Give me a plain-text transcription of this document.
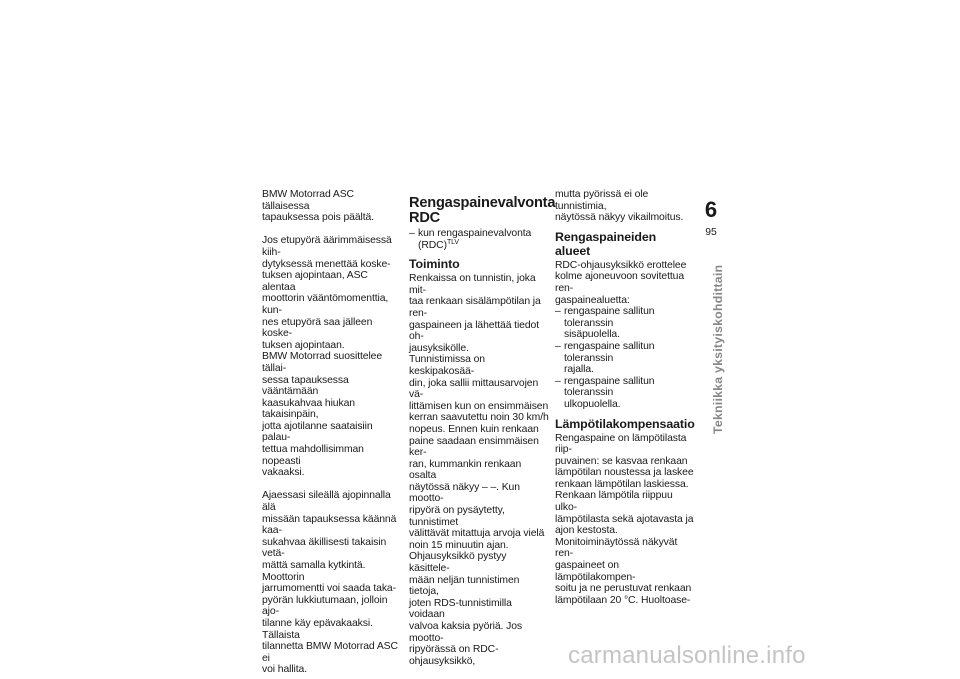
BMW Motorrad ASC tällaisessa

tapauksessa pois päältä.

Jos etupyörä äärimmäisessä kiih-

dytyksessä menettää koske-

tuksen ajopintaan, ASC alentaa

moottorin vääntömomenttia, kun-

nes etupyörä saa jälleen koske-

tuksen ajopintaan.

BMW Motorrad suosittelee tällai-

sessa tapauksessa vääntämään

kaasukahvaa hiukan takaisinpäin,

jotta ajotilanne saataisiin palau-

tettua mahdollisimman nopeasti

vakaaksi.

Ajaessasi sileällä ajopinnalla älä

missään tapauksessa käännä kaa-

sukahvaa äkillisesti takaisin vetä-

mättä samalla kytkintä. Moottorin

jarrumomentti voi saada taka-

pyörän lukkiutumaan, jolloin ajo-

tilanne käy epävakaaksi. Tällaista

tilannetta BMW Motorrad ASC ei

voi hallita.

Rengaspainevalvonta
RDC
– kun rengaspainevalvonta
(RDC)$^{TLV}$
Toiminto

Renkaissa on tunnistin, joka mit-

taa renkaan sisälämpötilan ja ren-

gaspaineen ja lähettää tiedot oh-

jausyksikölle.

Tunnistimissa on keskipakosää-

din, joka sallii mittausarvojen vä-

littämisen kun on ensimmäisen

kerran saavutettu noin 30 km/h

nopeus. Ennen kuin renkaan

paine saadaan ensimmäisen ker-

ran, kummankin renkaan osalta

näytössä näkyy – –. Kun mootto-

ripyörä on pysäytetty, tunnistimet

välittävät mitattuja arvoja vielä

noin 15 minuutin ajan.

Ohjausyksikkö pystyy käsittele-

mään neljän tunnistimen tietoja,

joten RDS-tunnistimilla voidaan

valvoa kaksia pyöriä. Jos mootto-

ripyörässä on RDC-ohjausyksikkö,

mutta pyörissä ei ole tunnistimia,

näytössä näkyy vikailmoitus.

Rengaspaineiden alueet

RDC-ohjausyksikkö erottelee

kolme ajoneuvoon sovitettua ren-

gaspainealuetta:

– rengaspaine sallitun toleranssin
sisäpuolella.
– rengaspaine sallitun toleranssin
rajalla.
– rengaspaine sallitun toleranssin
ulkopuolella.
Lämpötilakompensaatio

Rengaspaine on lämpötilasta riip-

puvainen: se kasvaa renkaan

lämpötilan noustessa ja laskee

renkaan lämpötilan laskiessa.

Renkaan lämpötila riippuu ulko-

lämpötilasta sekä ajotavasta ja

ajon kestosta.

Monitoiminäytössä näkyvät ren-

gaspaineet on lämpötilakompen-

soitu ja ne perustuvat renkaan

lämpötilaan 20 °C. Huoltoase-

6
95
Tekniikka yksityiskohdittain
carmanualsonline.info
